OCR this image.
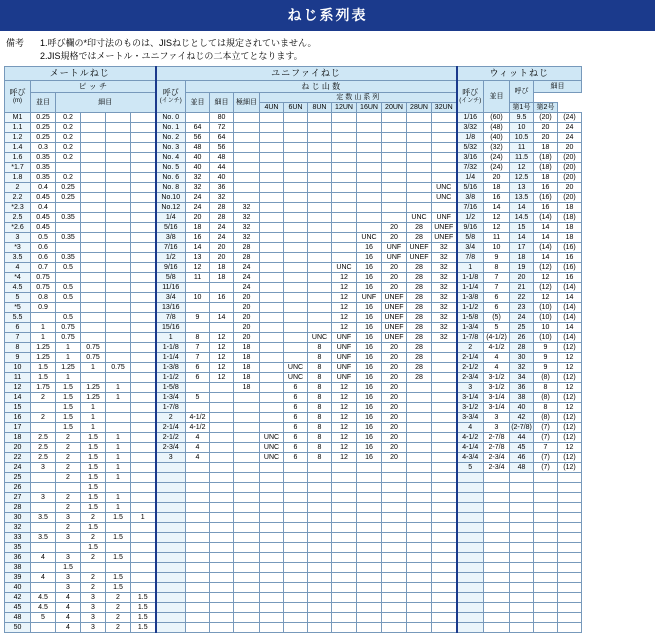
ねじ系列表
備考	1.呼び欄の*印寸法のものは、JISねじとしては規定されていません。
2.JIS規格ではメートル・ユニファイねじの二本立てとなります。
メートルねじ						ユニファイねじ												ウィットねじ				

呼び
(m)
	ピ ッ チ	
呼び
(インチ)
	ね じ 山 数	
呼び
(インチ)
	並目	呼び	細目
	並目	細目					並目	細目	極細目	定 数 山 系 列												
										4UN	6UN	8UN	12UN	16UN	20UN	28UN	32UN			第1号	第2号	
M1	0.25	0.2				No. 0		80										1/16	(60)	9.5	(20)	(24)
1.1	0.25	0.2				No. 1	64	72										3/32	(48)	10	20	24
1.2	0.25	0.2				No. 2	56	64										1/8	(40)	10.5	20	24
1.4	0.3	0.2				No. 3	48	56										5/32	(32)	11	18	20
1.6	0.35	0.2				No. 4	40	48										3/16	(24)	11.5	(18)	(20)
*1.7	0.35					No. 5	40	44										7/32	(24)	12	(18)	(20)
1.8	0.35	0.2				No. 6	32	40										1/4	20	12.5	18	(20)
2	0.4	0.25				No. 8	32	36									UNC	5/16	18	13	16	20
2.2	0.45	0.25				No.10	24	32									UNC	3/8	16	13.5	(16)	(20)
*2.3	0.4					No.12	24	28	32									7/16	14	14	16	18
2.5	0.45	0.35				1/4	20	28	32							UNC	UNF	1/2	12	14.5	(14)	(18)
*2.6	0.45					5/16	18	24	32						20	28	UNEF	9/16	12	15	14	18
3	0.5	0.35				3/8	16	24	32					UNC	20	28	UNEF	5/8	11	14	14	18
*3	0.6					7/16	14	20	28					16	UNF	UNEF	32	3/4	10	17	(14)	(16)
3.5	0.6	0.35				1/2	13	20	28					16	UNF	UNEF	32	7/8	9	18	14	16
4	0.7	0.5				9/16	12	18	24				UNC	16	20	28	32	1	8	19	(12)	(16)
*4	0.75					5/8	11	18	24				12	16	20	28	32	1-1/8	7	20	12	16
4.5	0.75	0.5				11/16			24				12	16	20	28	32	1-1/4	7	21	(12)	(14)
5	0.8	0.5				3/4	10	16	20				12	UNF	UNEF	28	32	1-3/8	6	22	12	14
*5	0.9					13/16			20				12	16	UNEF	28	32	1-1/2	6	23	(10)	(14)
5.5		0.5				7/8	9	14	20				12	16	UNEF	28	32	1-5/8	(5)	24	(10)	(14)
6	1	0.75				15/16			20				12	16	UNEF	28	32	1-3/4	5	25	10	14
7	1	0.75				1	8	12	20			UNC	UNF	16	UNEF	28	32	1-7/8	(4-1/2)	26	(10)	(14)
8	1.25	1	0.75			1-1/8	7	12	18			8	UNF	16	20	28		2	4-1/2	28	9	(12)
9	1.25	1	0.75			1-1/4	7	12	18			8	UNF	16	20	28		2-1/4	4	30	9	12
10	1.5	1.25	1	0.75		1-3/8	6	12	18		UNC	8	UNF	16	20	28		2-1/2	4	32	9	12
11	1.5	1				1-1/2	6	12	18		UNC	8	UNF	16	20	28		2-3/4	3-1/2	34	(8)	(12)
12	1.75	1.5	1.25	1		1-5/8			18		6	8	12	16	20			3	3-1/2	36	8	12
14	2	1.5	1.25	1		1-3/4	5				6	8	12	16	20			3-1/4	3-1/4	38	(8)	(12)
15		1.5	1			1-7/8					6	8	12	16	20			3-1/2	3-1/4	40	8	12
16	2	1.5	1			2	4-1/2				6	8	12	16	20			3-3/4	3	42	(8)	(12)
17		1.5	1			2-1/4	4-1/2				6	8	12	16	20			4	3	(2-7/8)	(7)	(12)
18	2.5	2	1.5	1		2-1/2	4			UNC	6	8	12	16	20			4-1/2	2-7/8	44	(7)	(12)
20	2.5	2	1.5	1		2-3/4	4			UNC	6	8	12	16	20			4-1/4	2-7/8	45	7	12
22	2.5	2	1.5	1		3	4			UNC	6	8	12	16	20			4-3/4	2-3/4	46	(7)	(12)
24	3	2	1.5	1														5	2-3/4	48	(7)	(12)
25		2	1.5	1																		
26			1.5																			
27	3	2	1.5	1																		
28		2	1.5	1																		
30	3.5	3	2	1.5	1																	
32		2	1.5																			
33	3.5	3	2	1.5																		
35			1.5																			
36	4	3	2	1.5																		
38		1.5																				
39	4	3	2	1.5																		
40		3	2	1.5																		
42	4.5	4	3	2	1.5																	
45	4.5	4	3	2	1.5																	
48	5	4	3	2	1.5																	
50		4	3	2	1.5																	
